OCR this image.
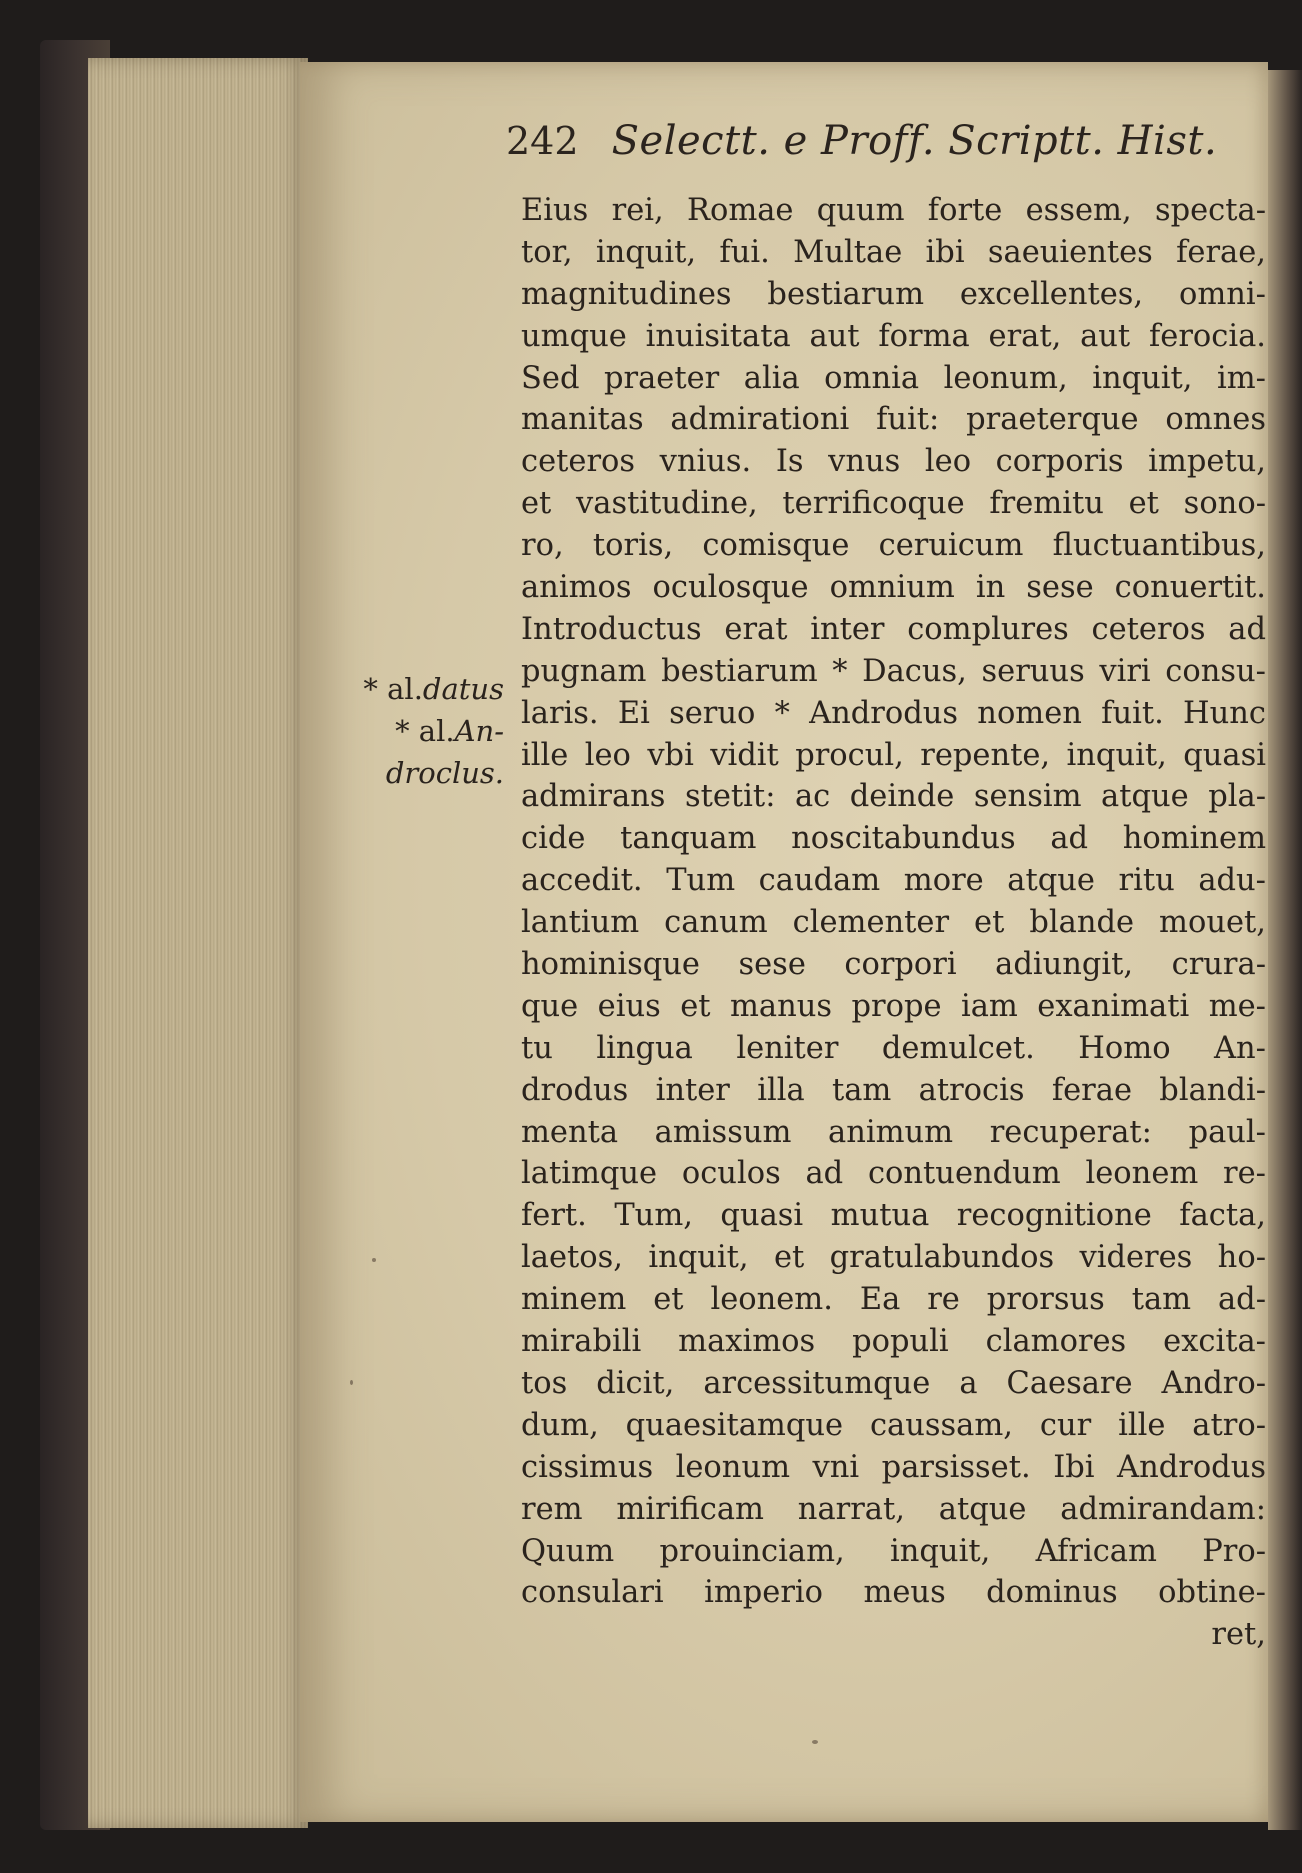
242 Selectt. e Proff. Scriptt. Hist.
* al.datus
* al.An-
droclus.
Eius rei, Romae quum forte essem, specta-
tor, inquit, fui. Multae ibi saeuientes ferae,
magnitudines bestiarum excellentes, omni-
umque inuisitata aut forma erat, aut ferocia.
Sed praeter alia omnia leonum, inquit, im-
manitas admirationi fuit: praeterque omnes
ceteros vnius. Is vnus leo corporis impetu,
et vastitudine, terrificoque fremitu et sono-
ro, toris, comisque ceruicum fluctuantibus,
animos oculosque omnium in sese conuertit.
Introductus erat inter complures ceteros ad
pugnam bestiarum * Dacus, seruus viri consu-
laris. Ei seruo * Androdus nomen fuit. Hunc
ille leo vbi vidit procul, repente, inquit, quasi
admirans stetit: ac deinde sensim atque pla-
cide tanquam noscitabundus ad hominem
accedit. Tum caudam more atque ritu adu-
lantium canum clementer et blande mouet,
hominisque sese corpori adiungit, crura-
que eius et manus prope iam exanimati me-
tu lingua leniter demulcet. Homo An-
drodus inter illa tam atrocis ferae blandi-
menta amissum animum recuperat: paul-
latimque oculos ad contuendum leonem re-
fert. Tum, quasi mutua recognitione facta,
laetos, inquit, et gratulabundos videres ho-
minem et leonem. Ea re prorsus tam ad-
mirabili maximos populi clamores excita-
tos dicit, arcessitumque a Caesare Andro-
dum, quaesitamque caussam, cur ille atro-
cissimus leonum vni parsisset. Ibi Androdus
rem mirificam narrat, atque admirandam:
Quum prouinciam, inquit, Africam Pro-
consulari imperio meus dominus obtine-
ret,
